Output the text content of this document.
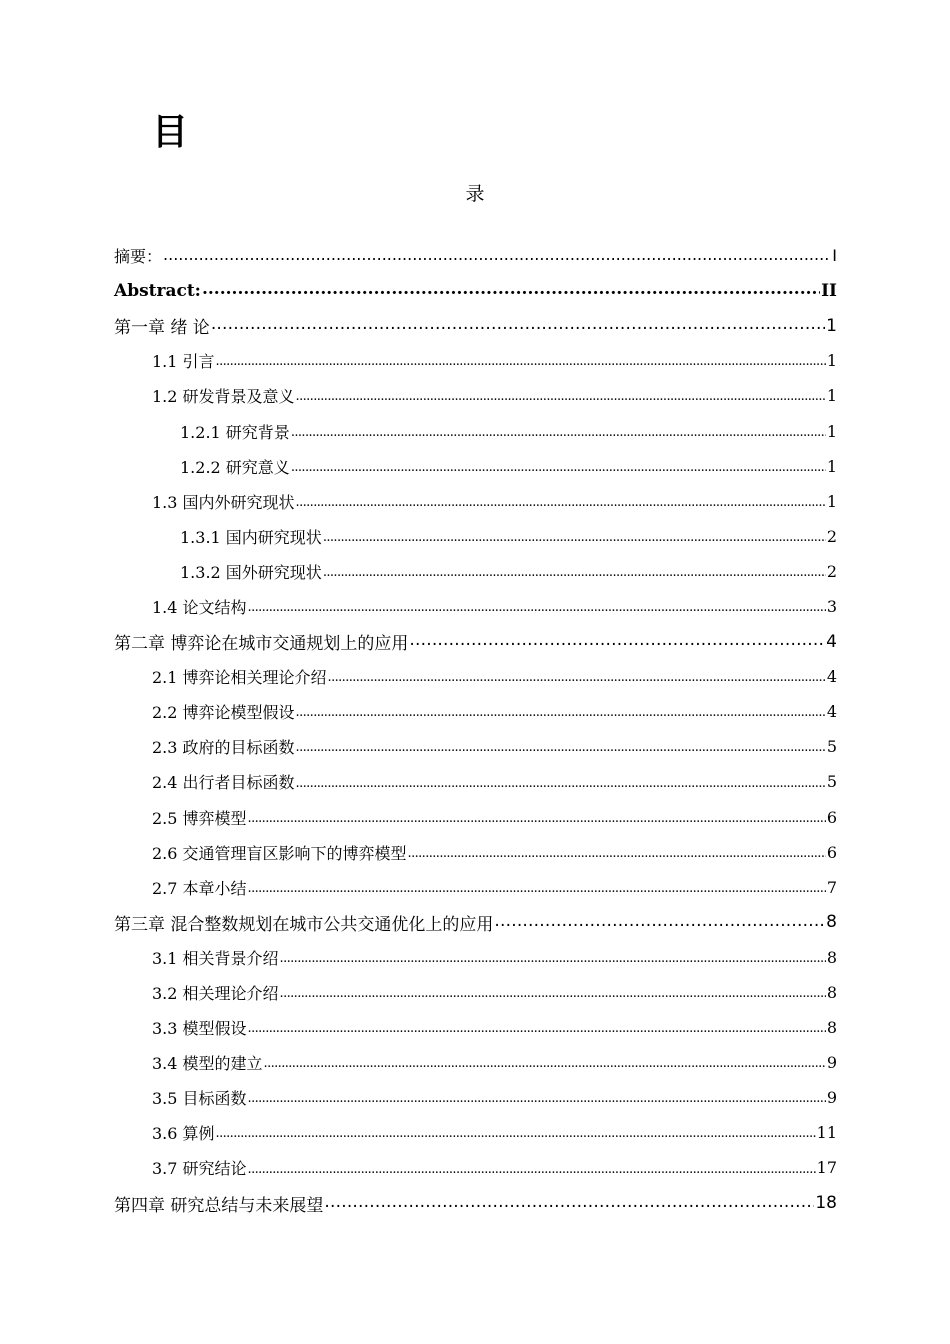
目
录
摘要： .....	I
Abstract: .....	II
第一章 绪 论 .....	1
1.1 引言 .....	1
1.2 研发背景及意义 .....	1
1.2.1 研究背景 .....	1
1.2.2 研究意义 .....	1
1.3 国内外研究现状 .....	1
1.3.1 国内研究现状 .....	2
1.3.2 国外研究现状 .....	2
1.4 论文结构 .....	3
第二章 博弈论在城市交通规划上的应用 .....	4
2.1 博弈论相关理论介绍 .....	4
2.2 博弈论模型假设 .....	4
2.3 政府的目标函数 .....	5
2.4 出行者目标函数 .....	5
2.5 博弈模型 .....	6
2.6 交通管理盲区影响下的博弈模型 .....	6
2.7 本章小结 .....	7
第三章 混合整数规划在城市公共交通优化上的应用 .....	8
3.1 相关背景介绍 .....	8
3.2 相关理论介绍 .....	8
3.3 模型假设 .....	8
3.4 模型的建立 .....	9
3.5 目标函数 .....	9
3.6 算例 .....	11
3.7 研究结论 .....	17
第四章 研究总结与未来展望 .....	18
